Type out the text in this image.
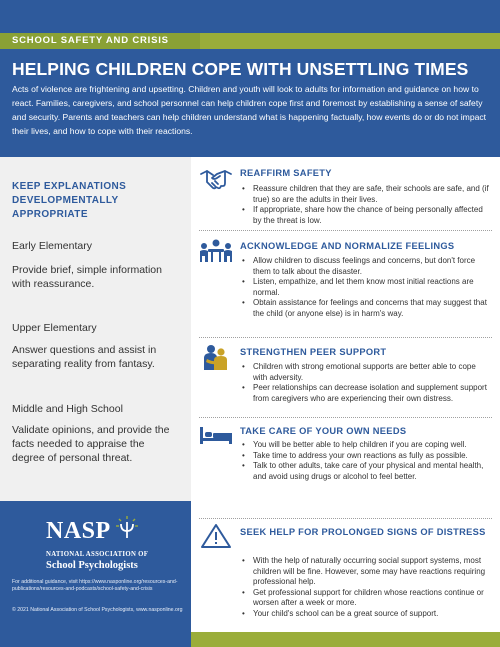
SCHOOL SAFETY AND CRISIS
HELPING CHILDREN COPE WITH UNSETTLING TIMES
Acts of violence are frightening and upsetting. Children and youth will look to adults for information and guidance on how to react. Families, caregivers, and school personnel can help children cope first and foremost by establishing a sense of safety and security. Parents and teachers can help children understand what is happening factually, how events do or do not impact their lives, and how to cope with their reactions.
KEEP EXPLANATIONS DEVELOPMENTALLY APPROPRIATE
Early Elementary
Provide brief, simple information with reassurance.
Upper Elementary
Answer questions and assist in separating reality from fantasy.
Middle and High School
Validate opinions, and provide the facts needed to appraise the degree of personal threat.
NASP
NATIONAL ASSOCIATION OF
School Psychologists
For additional guidance, visit https://www.nasponline.org/resources-and-publications/resources-and-podcasts/school-safety-and-crisis
© 2021 National Association of School Psychologists, www.nasponline.org
REAFFIRM SAFETY
• Reassure children that they are safe, their schools are safe, and (if true) so are the adults in their lives.
• If appropriate, share how the chance of being personally affected by the threat is low.
ACKNOWLEDGE AND NORMALIZE FEELINGS
• Allow children to discuss feelings and concerns, but don't force them to talk about the disaster.
• Listen, empathize, and let them know most initial reactions are normal.
• Obtain assistance for feelings and concerns that may suggest that the child (or anyone else) is in harm's way.
STRENGTHEN PEER SUPPORT
• Children with strong emotional supports are better able to cope with adversity.
• Peer relationships can decrease isolation and supplement support from caregivers who are experiencing their own distress.
TAKE CARE OF YOUR OWN NEEDS
• You will be better able to help children if you are coping well.
• Take time to address your own reactions as fully as possible.
• Talk to other adults, take care of your physical and mental health, and avoid using drugs or alcohol to feel better.
SEEK HELP FOR PROLONGED SIGNS OF DISTRESS
• With the help of naturally occurring social support systems, most children will be fine. However, some may have reactions requiring professional help.
• Get professional support for children whose reactions continue or worsen after a week or more.
• Your child's school can be a great source of support.
